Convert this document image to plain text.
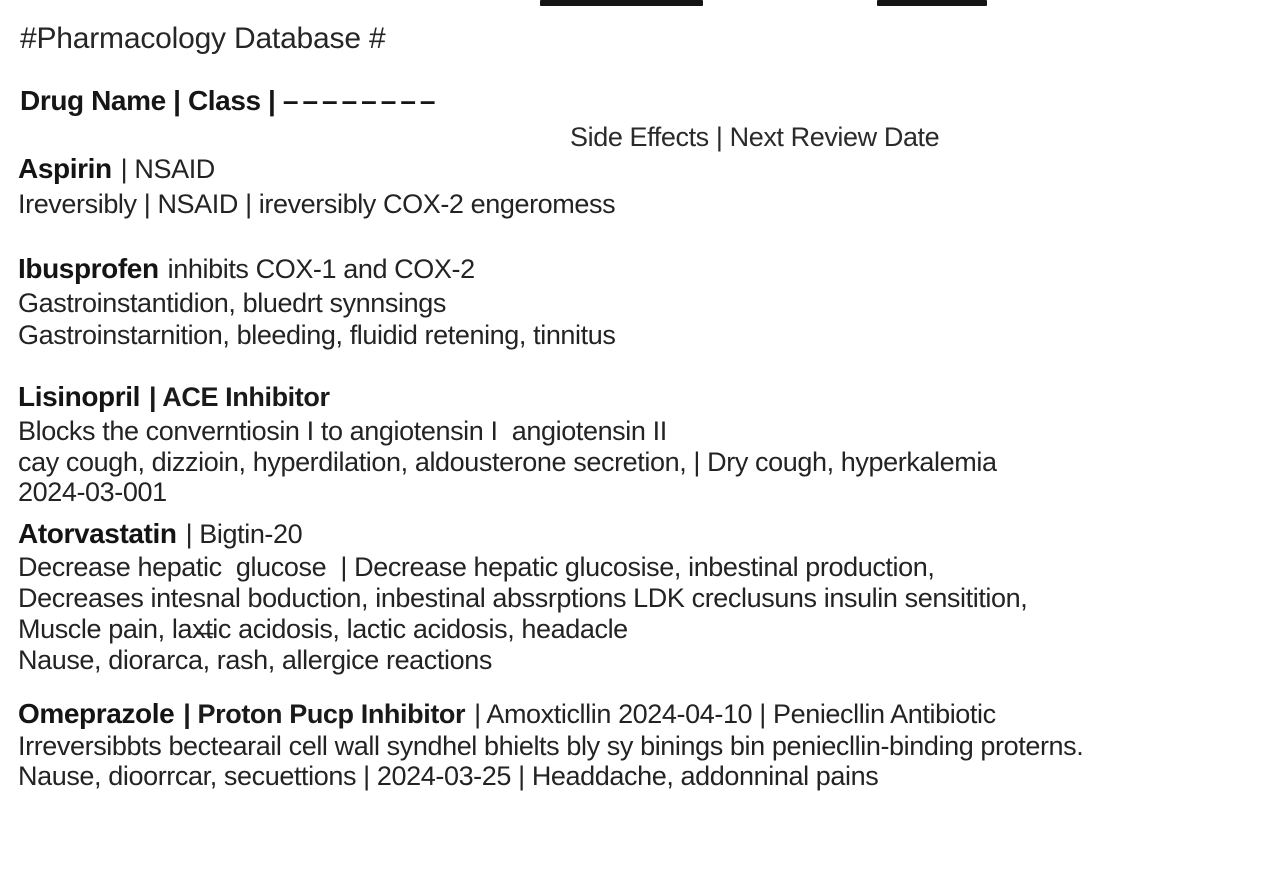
#Pharmacology Database #
Drug Name | Class | ––––––––
Side Effects | Next Review Date
Aspirin | NSAID
Ireversibly | NSAID | ireversibly COX-2 engeromess
Ibusprofen inhibits COX-1 and COX-2
Gastroinstantidion, bluedrt synnsings
Gastroinstarnition, bleeding, fluidid retening, tinnitus
Lisinopril | ACE Inhibitor
Blocks the converntiosin I to angiotensin I  angiotensin II
cay cough, dizzioin, hyperdilation, aldousterone secretion, | Dry cough, hyperkalemia
2024-03-001
Atorvastatin | Bigtin-20
Decrease hepatic  glucose  | Decrease hepatic glucosise, inbestinal production,
Decreases intesnal boduction, inbestinal abssrptions LDK creclusuns insulin sensitition,
Muscle pain, lax̶tic acidosis, lactic acidosis, headacle
Nause, diorarca, rash, allergice reactions
Omeprazole | Proton Pucp Inhibitor | Amoxticllin 2024-04-10 | Peniecllin Antibiotic
Irreversibbts bectearail cell wall syndhel bhielts bly sy binings bin peniecllin-binding proterns.
Nause, dioorrcar, secuettions | 2024-03-25 | Headdache, addonninal pains
